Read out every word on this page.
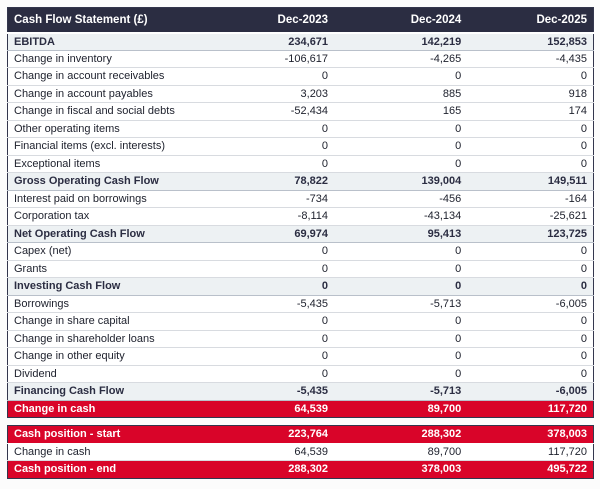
Cash Flow Statement (£)	Dec-2023	Dec-2024	Dec-2025
EBITDA	234,671	142,219	152,853
Change in inventory	-106,617	-4,265	-4,435
Change in account receivables	0	0	0
Change in account payables	3,203	885	918
Change in fiscal and social debts	-52,434	165	174
Other operating items	0	0	0
Financial items (excl. interests)	0	0	0
Exceptional items	0	0	0
Gross Operating Cash Flow	78,822	139,004	149,511
Interest paid on borrowings	-734	-456	-164
Corporation tax	-8,114	-43,134	-25,621
Net Operating Cash Flow	69,974	95,413	123,725
Capex (net)	0	0	0
Grants	0	0	0
Investing Cash Flow	0	0	0
Borrowings	-5,435	-5,713	-6,005
Change in share capital	0	0	0
Change in shareholder loans	0	0	0
Change in other equity	0	0	0
Dividend	0	0	0
Financing Cash Flow	-5,435	-5,713	-6,005
Change in cash	64,539	89,700	117,720
Cash position - start	223,764	288,302	378,003
Change in cash	64,539	89,700	117,720
Cash position - end	288,302	378,003	495,722
